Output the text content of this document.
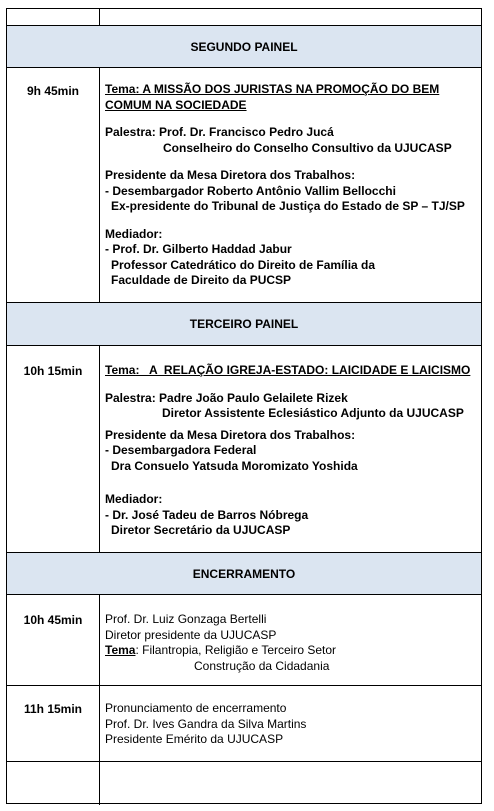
SEGUNDO PAINEL
9h 45min	Tema: A MISSÃO DOS JURISTAS NA PROMOÇÃO DO BEM COMUM NA SOCIEDADE

Palestra: Prof. Dr. Francisco Pedro Jucá

Conselheiro do Conselho Consultivo da UJUCASP

Presidente da Mesa Diretora dos Trabalhos:

- Desembargador Roberto Antônio Vallim Bellocchi

Ex-presidente do Tribunal de Justiça do Estado de SP – TJ/SP

Mediador:

- Prof. Dr. Gilberto Haddad Jabur

Professor Catedrático do Direito de Família da

Faculdade de Direito da PUCSP

TERCEIRO PAINEL
10h 15min	Tema:   A  RELAÇÃO IGREJA-ESTADO: LAICIDADE E LAICISMO

Palestra: Padre João Paulo Gelailete Rizek

Diretor Assistente Eclesiástico Adjunto da UJUCASP

Presidente da Mesa Diretora dos Trabalhos:

- Desembargadora Federal

Dra Consuelo Yatsuda Moromizato Yoshida

Mediador:

- Dr. José Tadeu de Barros Nóbrega

Diretor Secretário da UJUCASP

ENCERRAMENTO
10h 45min	Prof. Dr. Luiz Gonzaga Bertelli

Diretor presidente da UJUCASP

Tema: Filantropia, Religião e Terceiro Setor

Construção da Cidadania

11h 15min	Pronunciamento de encerramento

Prof. Dr. Ives Gandra da Silva Martins

Presidente Emérito da UJUCASP
